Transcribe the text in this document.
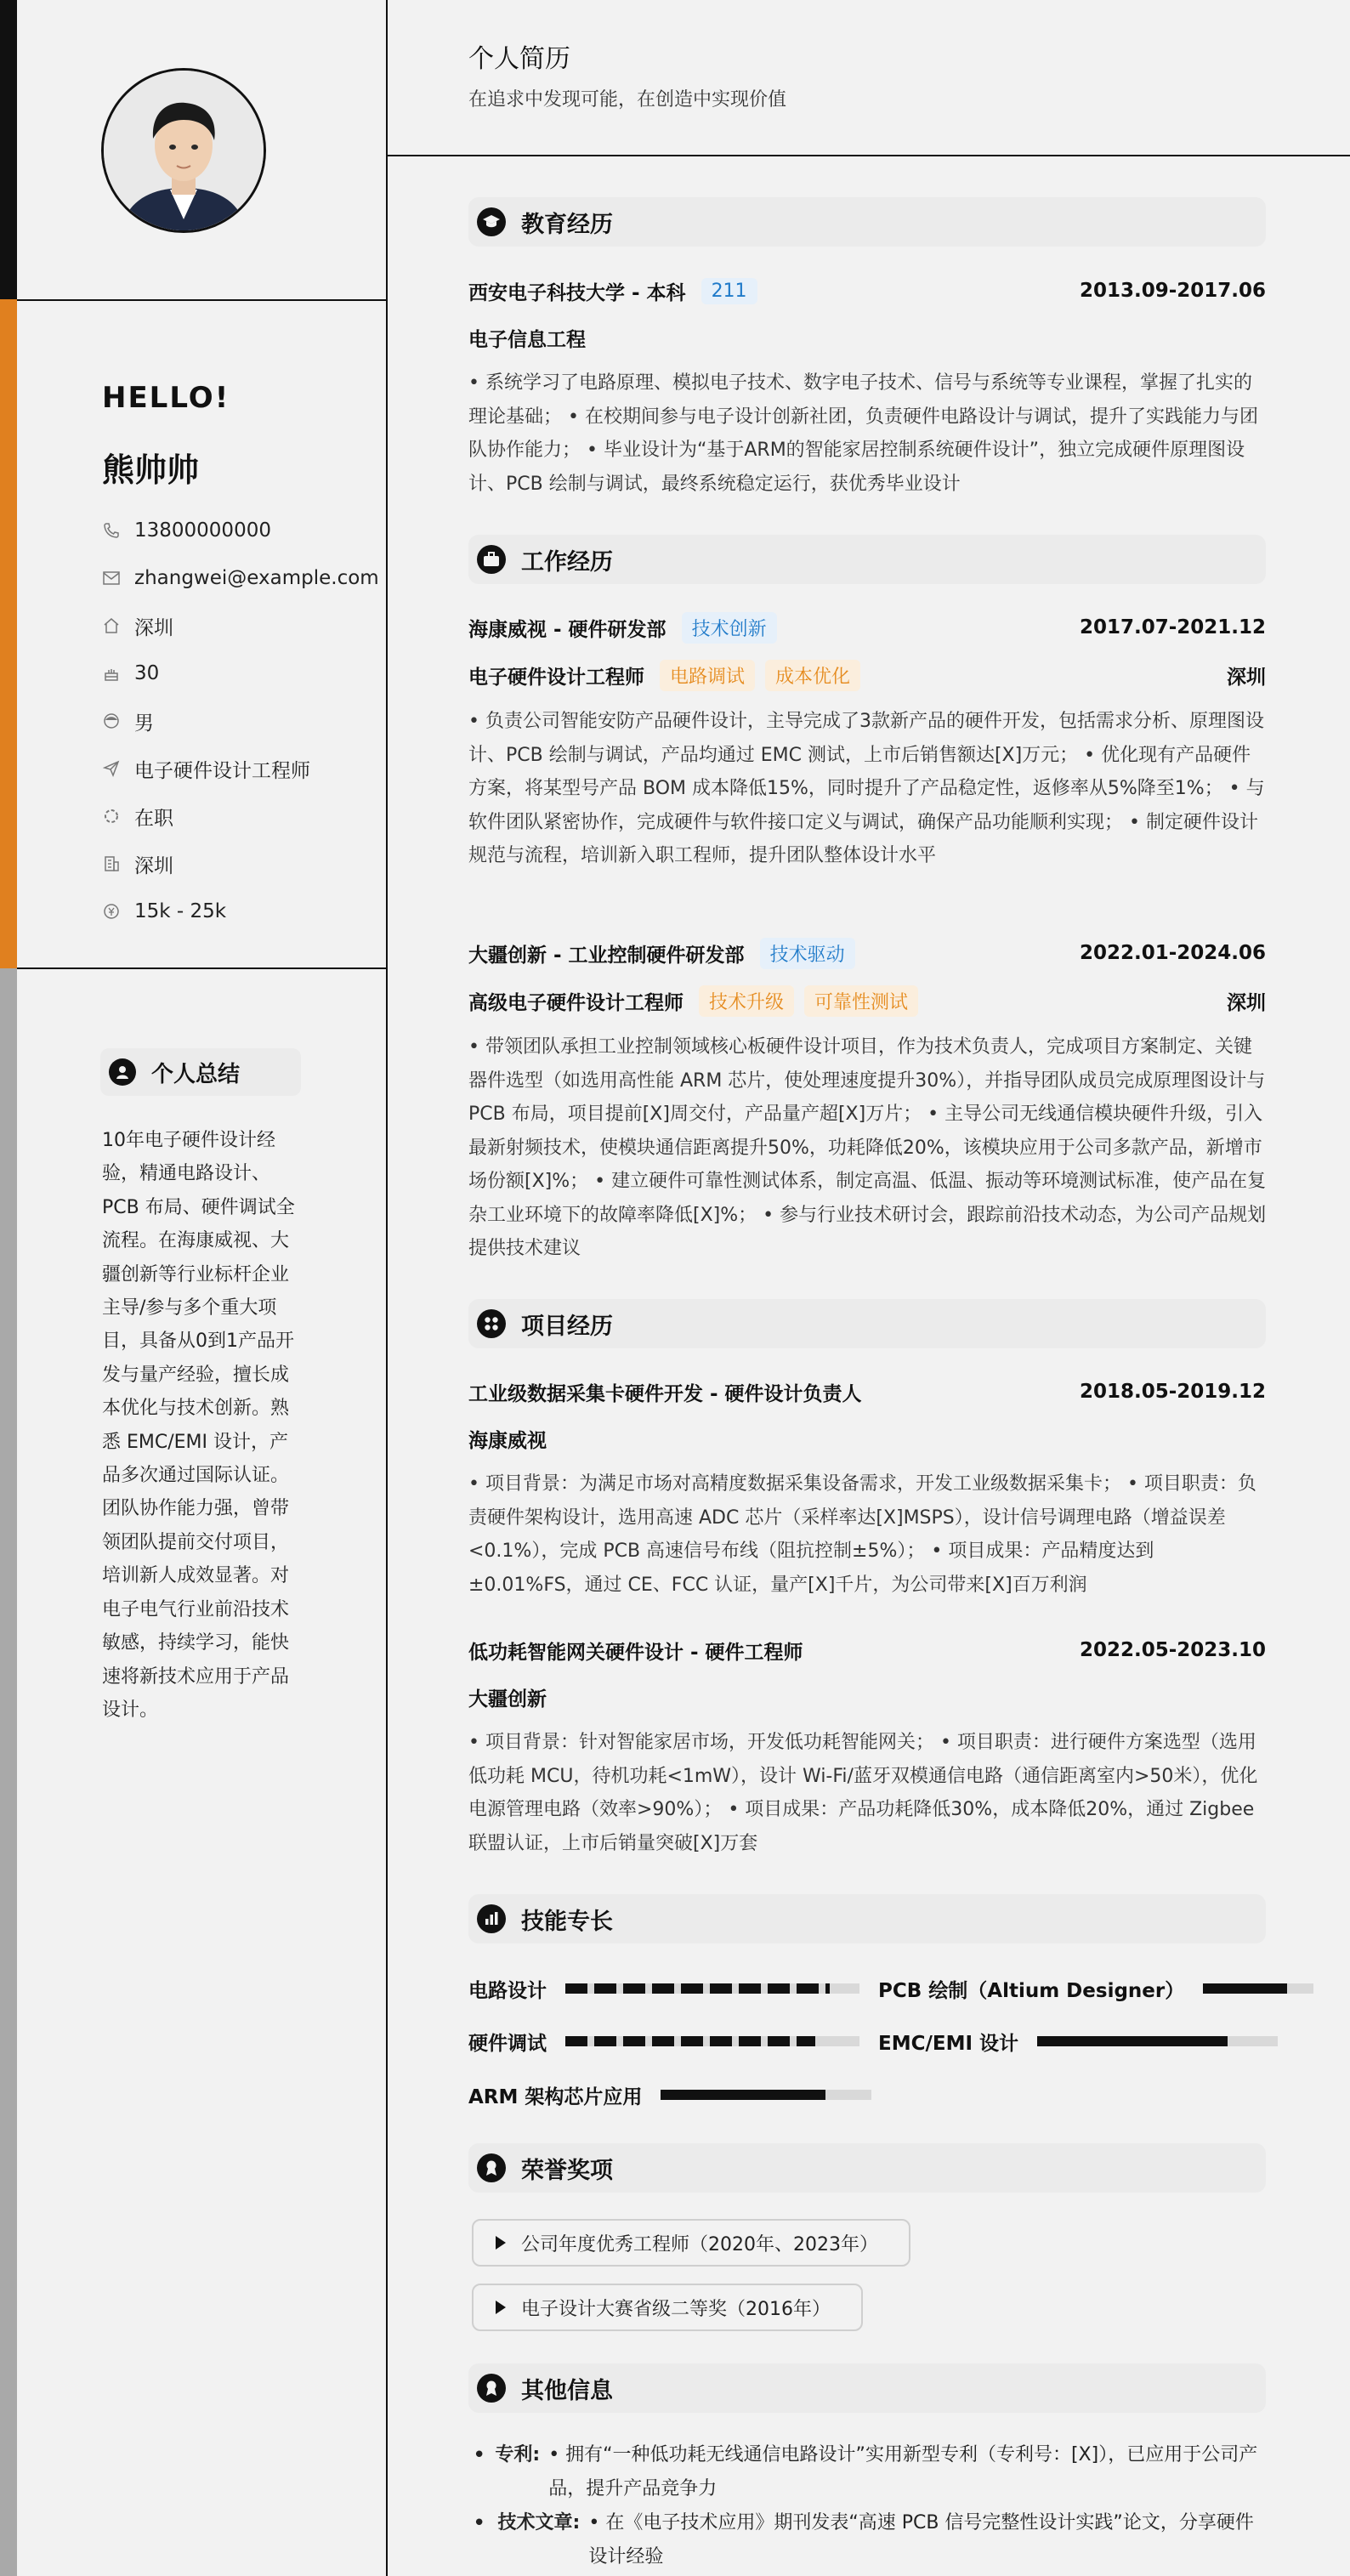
HELLO!
熊帅帅
13800000000
zhangwei@example.com
深圳
30
男
电子硬件设计工程师
在职
深圳
15k - 25k
个人总结
10年电子硬件设计经验，精通电路设计、PCB 布局、硬件调试全流程。在海康威视、大疆创新等行业标杆企业主导/参与多个重大项目，具备从0到1产品开发与量产经验，擅长成本优化与技术创新。熟悉 EMC/EMI 设计，产品多次通过国际认证。团队协作能力强，曾带领团队提前交付项目，培训新人成效显著。对电子电气行业前沿技术敏感，持续学习，能快速将新技术应用于产品设计。
个人简历
在追求中发现可能，在创造中实现价值
教育经历
西安电子科技大学 - 本科	211	2013.09-2017.06
电子信息工程
• 系统学习了电路原理、模拟电子技术、数字电子技术、信号与系统等专业课程，掌握了扎实的理论基础； • 在校期间参与电子设计创新社团，负责硬件电路设计与调试，提升了实践能力与团队协作能力； • 毕业设计为“基于ARM的智能家居控制系统硬件设计”，独立完成硬件原理图设计、PCB 绘制与调试，最终系统稳定运行，获优秀毕业设计
工作经历
海康威视 - 硬件研发部	技术创新	2017.07-2021.12
电子硬件设计工程师	电路调试	成本优化	深圳
• 负责公司智能安防产品硬件设计，主导完成了3款新产品的硬件开发，包括需求分析、原理图设计、PCB 绘制与调试，产品均通过 EMC 测试，上市后销售额达[X]万元； • 优化现有产品硬件方案，将某型号产品 BOM 成本降低15%，同时提升了产品稳定性，返修率从5%降至1%； • 与软件团队紧密协作，完成硬件与软件接口定义与调试，确保产品功能顺利实现； • 制定硬件设计规范与流程，培训新入职工程师，提升团队整体设计水平
大疆创新 - 工业控制硬件研发部	技术驱动	2022.01-2024.06
高级电子硬件设计工程师	技术升级	可靠性测试	深圳
• 带领团队承担工业控制领域核心板硬件设计项目，作为技术负责人，完成项目方案制定、关键器件选型（如选用高性能 ARM 芯片，使处理速度提升30%），并指导团队成员完成原理图设计与 PCB 布局，项目提前[X]周交付，产品量产超[X]万片； • 主导公司无线通信模块硬件升级，引入最新射频技术，使模块通信距离提升50%，功耗降低20%，该模块应用于公司多款产品，新增市场份额[X]%； • 建立硬件可靠性测试体系，制定高温、低温、振动等环境测试标准，使产品在复杂工业环境下的故障率降低[X]%； • 参与行业技术研讨会，跟踪前沿技术动态，为公司产品规划提供技术建议
项目经历
工业级数据采集卡硬件开发 - 硬件设计负责人	2018.05-2019.12
海康威视
• 项目背景：为满足市场对高精度数据采集设备需求，开发工业级数据采集卡； • 项目职责：负责硬件架构设计，选用高速 ADC 芯片（采样率达[X]MSPS），设计信号调理电路（增益误差<0.1%），完成 PCB 高速信号布线（阻抗控制±5%）； • 项目成果：产品精度达到±0.01%FS，通过 CE、FCC 认证，量产[X]千片，为公司带来[X]百万利润
低功耗智能网关硬件设计 - 硬件工程师	2022.05-2023.10
大疆创新
• 项目背景：针对智能家居市场，开发低功耗智能网关； • 项目职责：进行硬件方案选型（选用低功耗 MCU，待机功耗<1mW），设计 Wi-Fi/蓝牙双模通信电路（通信距离室内>50米），优化电源管理电路（效率>90%）； • 项目成果：产品功耗降低30%，成本降低20%，通过 Zigbee 联盟认证，上市后销量突破[X]万套
技能专长
电路设计	PCB 绘制（Altium Designer）
硬件调试	EMC/EMI 设计
ARM 架构芯片应用
荣誉奖项
公司年度优秀工程师（2020年、2023年）
电子设计大赛省级二等奖（2016年）
其他信息
• 专利: • 拥有“一种低功耗无线通信电路设计”实用新型专利（专利号：[X]），已应用于公司产品，提升产品竞争力
• 技术文章: • 在《电子技术应用》期刊发表“高速 PCB 信号完整性设计实践”论文，分享硬件设计经验
